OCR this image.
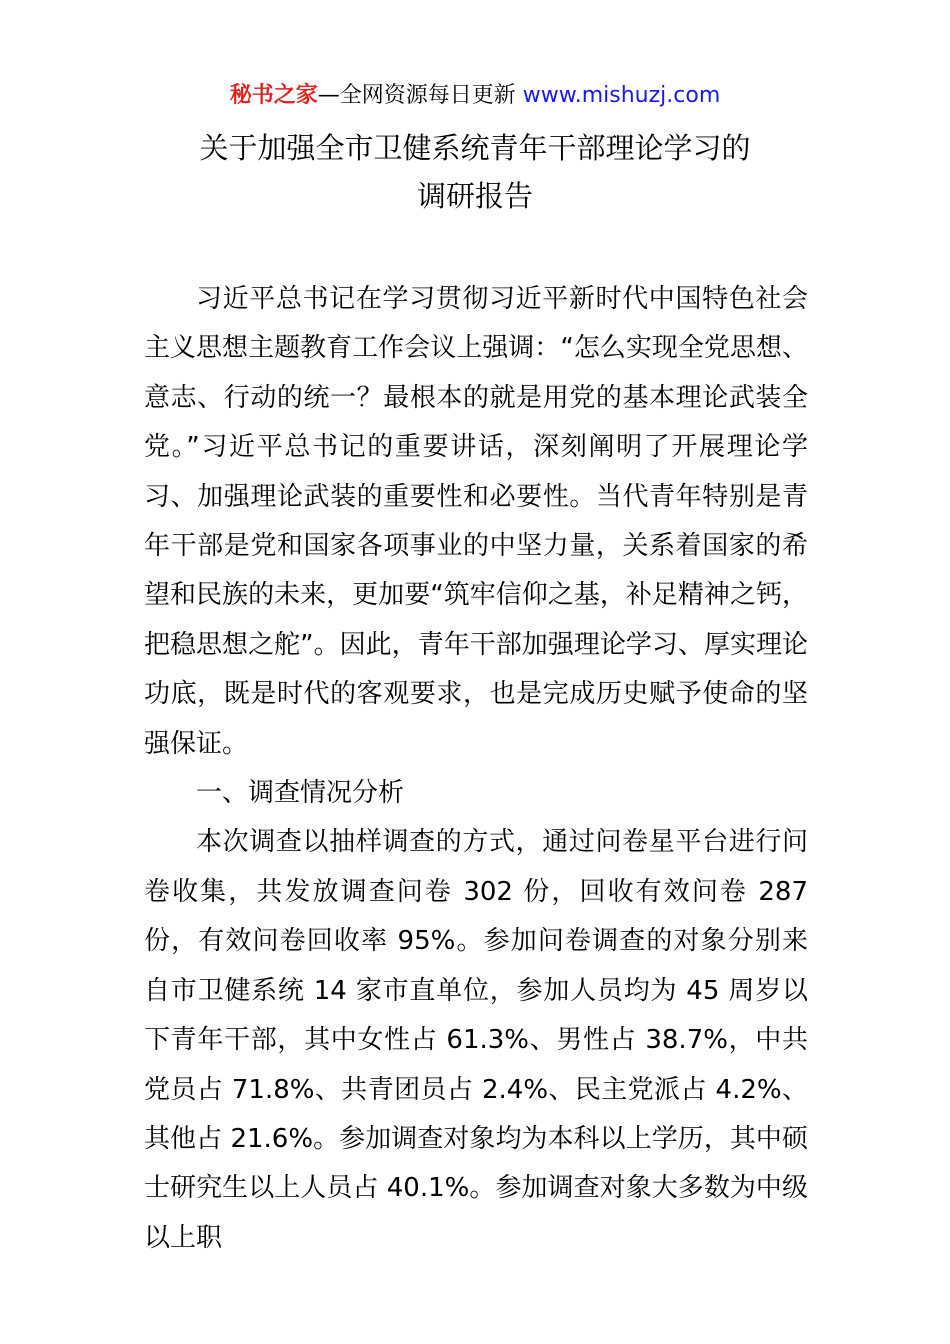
秘书之家—全网资源每日更新 www.mishuzj.com
关于加强全市卫健系统青年干部理论学习的
调研报告

习近平总书记在学习贯彻习近平新时代中国特色社会主义思想主题教育工作会议上强调：“怎么实现全党思想、意志、行动的统一？最根本的就是用党的基本理论武装全党。”习近平总书记的重要讲话，深刻阐明了开展理论学习、加强理论武装的重要性和必要性。当代青年特别是青年干部是党和国家各项事业的中坚力量，关系着国家的希望和民族的未来，更加要“筑牢信仰之基，补足精神之钙，把稳思想之舵”。因此，青年干部加强理论学习、厚实理论功底，既是时代的客观要求，也是完成历史赋予使命的坚强保证。

一、调查情况分析

本次调查以抽样调查的方式，通过问卷星平台进行问卷收集，共发放调查问卷 302 份，回收有效问卷 287 份，有效问卷回收率 95%。参加问卷调查的对象分别来自市卫健系统 14 家市直单位，参加人员均为 45 周岁以下青年干部，其中女性占 61.3%、男性占 38.7%，中共党员占 71.8%、共青团员占 2.4%、民主党派占 4.2%、其他占 21.6%。参加调查对象均为本科以上学历，其中硕士研究生以上人员占 40.1%。参加调查对象大多数为中级以上职
